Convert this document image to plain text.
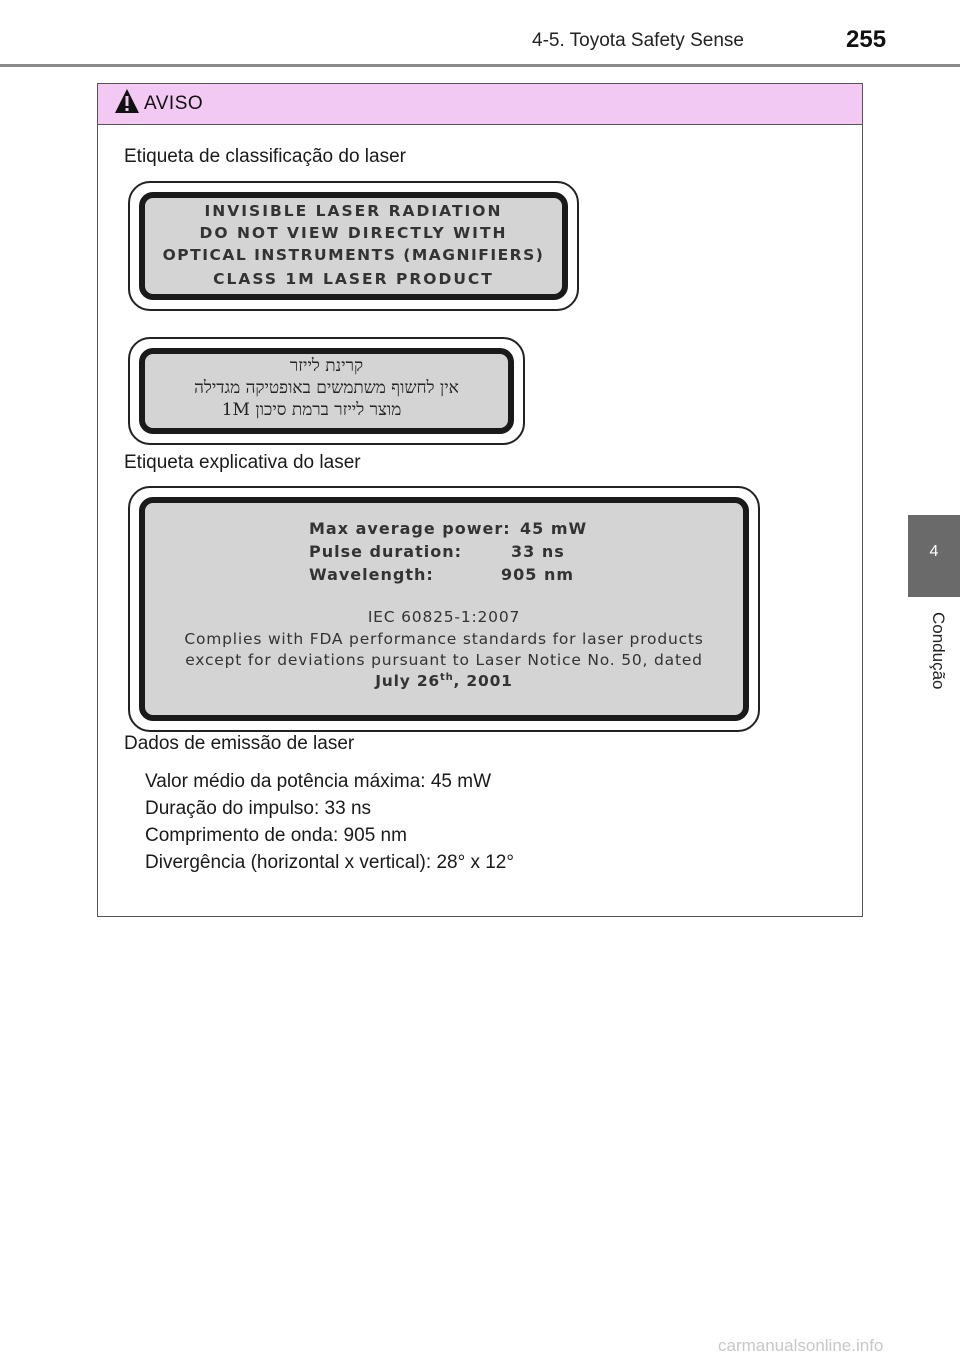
4-5. Toyota Safety Sense	255
4
Condução
AVISO
Etiqueta de classificação do laser
INVISIBLE LASER RADIATION
DO NOT VIEW DIRECTLY WITH
OPTICAL INSTRUMENTS (MAGNIFIERS)
CLASS 1M LASER PRODUCT
קרינת לייזר
אין לחשוף משתמשים באופטיקה מגדילה
מוצר לייזר ברמת סיכון 1M
Etiqueta explicativa do laser
Max average power: 45 mW
Pulse duration:	33 ns
Wavelength:	905 nm
IEC 60825-1:2007
Complies with FDA performance standards for laser products
except for deviations pursuant to Laser Notice No. 50, dated
July 26th, 2001
Dados de emissão de laser
Valor médio da potência máxima: 45 mW
Duração do impulso: 33 ns
Comprimento de onda: 905 nm
Divergência (horizontal x vertical): 28° x 12°
carmanualsonline.info
